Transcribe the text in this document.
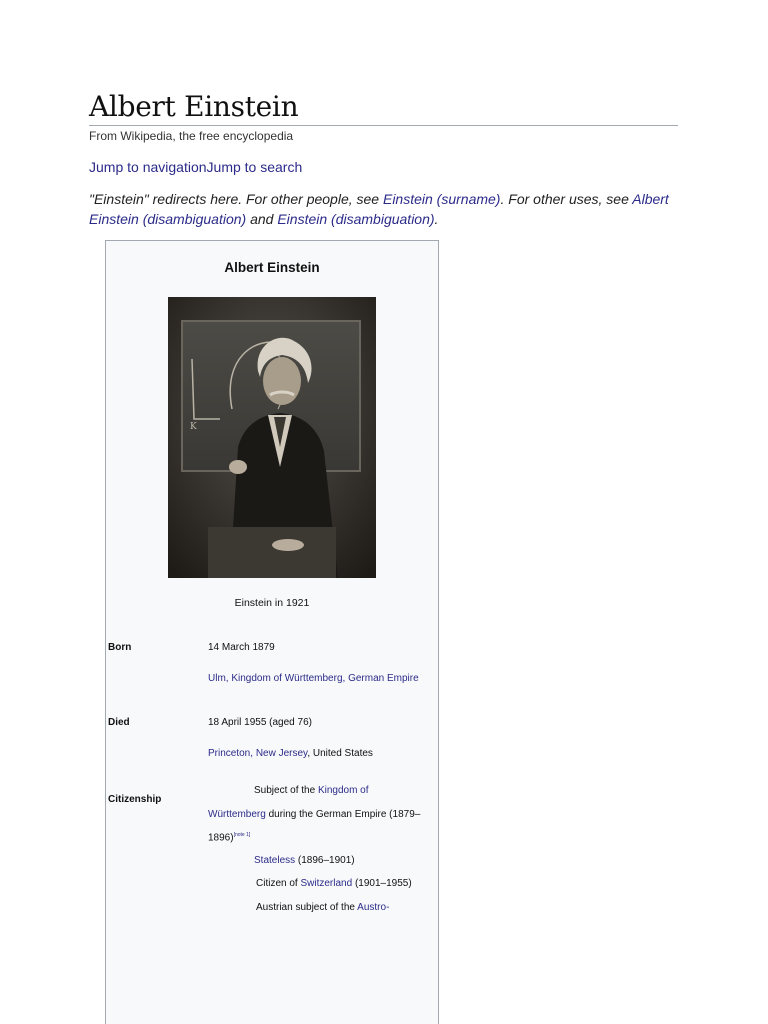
Albert Einstein
From Wikipedia, the free encyclopedia
Jump to navigationJump to search
"Einstein" redirects here. For other people, see Einstein (surname). For other uses, see Albert Einstein (disambiguation) and Einstein (disambiguation).
Albert Einstein
K
Einstein in 1921
Born	14 March 1879
Ulm, Kingdom of Württemberg, German Empire
Died	18 April 1955 (aged 76)
Princeton, New Jersey, United States
Citizenship
Subject of the Kingdom of
Württemberg during the German Empire (1879–
1896)[note 1]
Stateless (1896–1901)
Citizen of Switzerland (1901–1955)
Austrian subject of the Austro-
